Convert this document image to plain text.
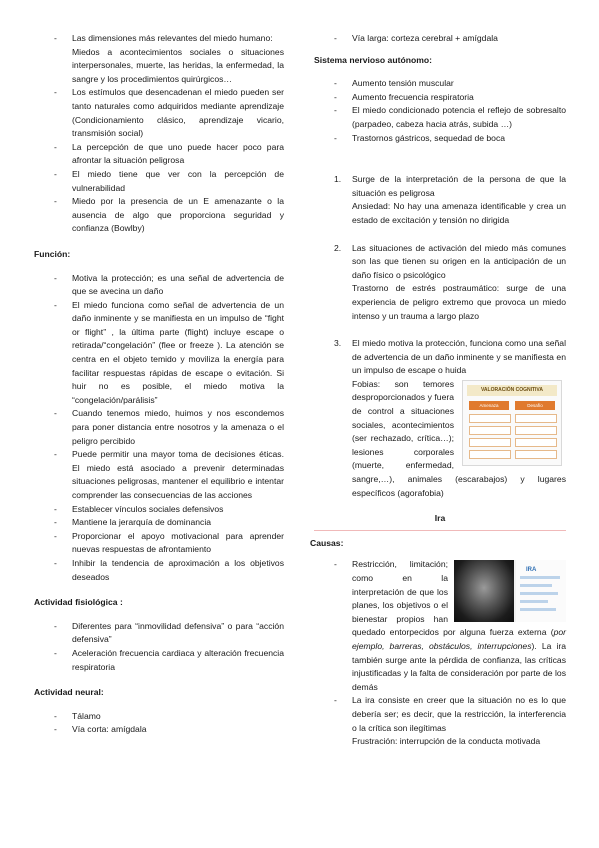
- Las dimensiones más relevantes del miedo humano:
Miedos a acontecimientos sociales o situaciones interpersonales, muerte, las heridas, la enfermedad, la sangre y los procedimientos quirúrgicos…
- Los estímulos que desencadenan el miedo pueden ser tanto naturales como adquiridos mediante aprendizaje (Condicionamiento clásico, aprendizaje vicario, transmisión social)
- La percepción de que uno puede hacer poco para afrontar la situación peligrosa
- El miedo tiene que ver con la percepción de vulnerabilidad
- Miedo por la presencia de un E amenazante o la ausencia de algo que proporciona seguridad y confianza (Bowlby)
Función:
- Motiva la protección; es una señal de advertencia de que se avecina un daño
- El miedo funciona como señal de advertencia de un daño inminente y se manifiesta en un impulso de “fight or flight” , la última parte (flight) incluye escape o retirada/“congelación” (flee or freeze ). La atención se centra en el objeto temido y moviliza la energía para facilitar respuestas rápidas de escape o evitación. Si huir no es posible, el miedo motiva la “congelación/parálisis”
- Cuando tenemos miedo, huimos y nos escondemos para poner distancia entre nosotros y la amenaza o el peligro percibido
- Puede permitir una mayor toma de decisiones éticas. El miedo está asociado a prevenir determinadas situaciones peligrosas, mantener el equilibrio e intentar comprender las consecuencias de las acciones
- Establecer vínculos sociales defensivos
- Mantiene la jerarquía de dominancia
- Proporcionar el apoyo motivacional para aprender nuevas respuestas de afrontamiento
- Inhibir la tendencia de aproximación a los objetivos deseados
Actividad fisiológica :
- Diferentes para “inmovilidad defensiva” o para “acción defensiva”
- Aceleración frecuencia cardiaca y alteración frecuencia respiratoria
Actividad neural:
- Tálamo
- Vía corta: amígdala
- Vía larga: corteza cerebral + amígdala
Sistema nervioso autónomo:
- Aumento tensión muscular
- Aumento frecuencia respiratoria
- El miedo condicionado potencia el reflejo de sobresalto (parpadeo, cabeza hacia atrás, subida …)
- Trastornos gástricos, sequedad de boca
1. Surge de la interpretación de la persona de que la situación es peligrosa
Ansiedad: No hay una amenaza identificable y crea un estado de excitación y tensión no dirigida
2. Las situaciones de activación del miedo más comunes son las que tienen su origen en la anticipación de un daño físico o psicológico
Trastorno de estrés postraumático: surge de una experiencia de peligro extremo que provoca un miedo intenso y un trauma a largo plazo
3. El miedo motiva la protección, funciona como una señal de advertencia de un daño inminente y se manifiesta en un impulso de escape o huida
VALORACIÓN COGNITIVA
Amenaza	Desafío
Fobias: son temores desproporcionados y fuera de control a situaciones sociales, acontecimientos (ser rechazado, crítica…); lesiones corporales (muerte, enfermedad, sangre,…), animales (escarabajos) y lugares específicos (agorafobia)
Ira
Causas:
- IRA
Restricción, limitación; como en la interpretación de que los planes, los objetivos o el bienestar propios han quedado entorpecidos por alguna fuerza externa (por ejemplo, barreras, obstáculos, interrupciones). La ira también surge ante la pérdida de confianza, las críticas injustificadas y la falta de consideración por parte de los demás
- La ira consiste en creer que la situación no es lo que debería ser; es decir, que la restricción, la interferencia o la crítica son ilegítimas
Frustración: interrupción de la conducta motivada
